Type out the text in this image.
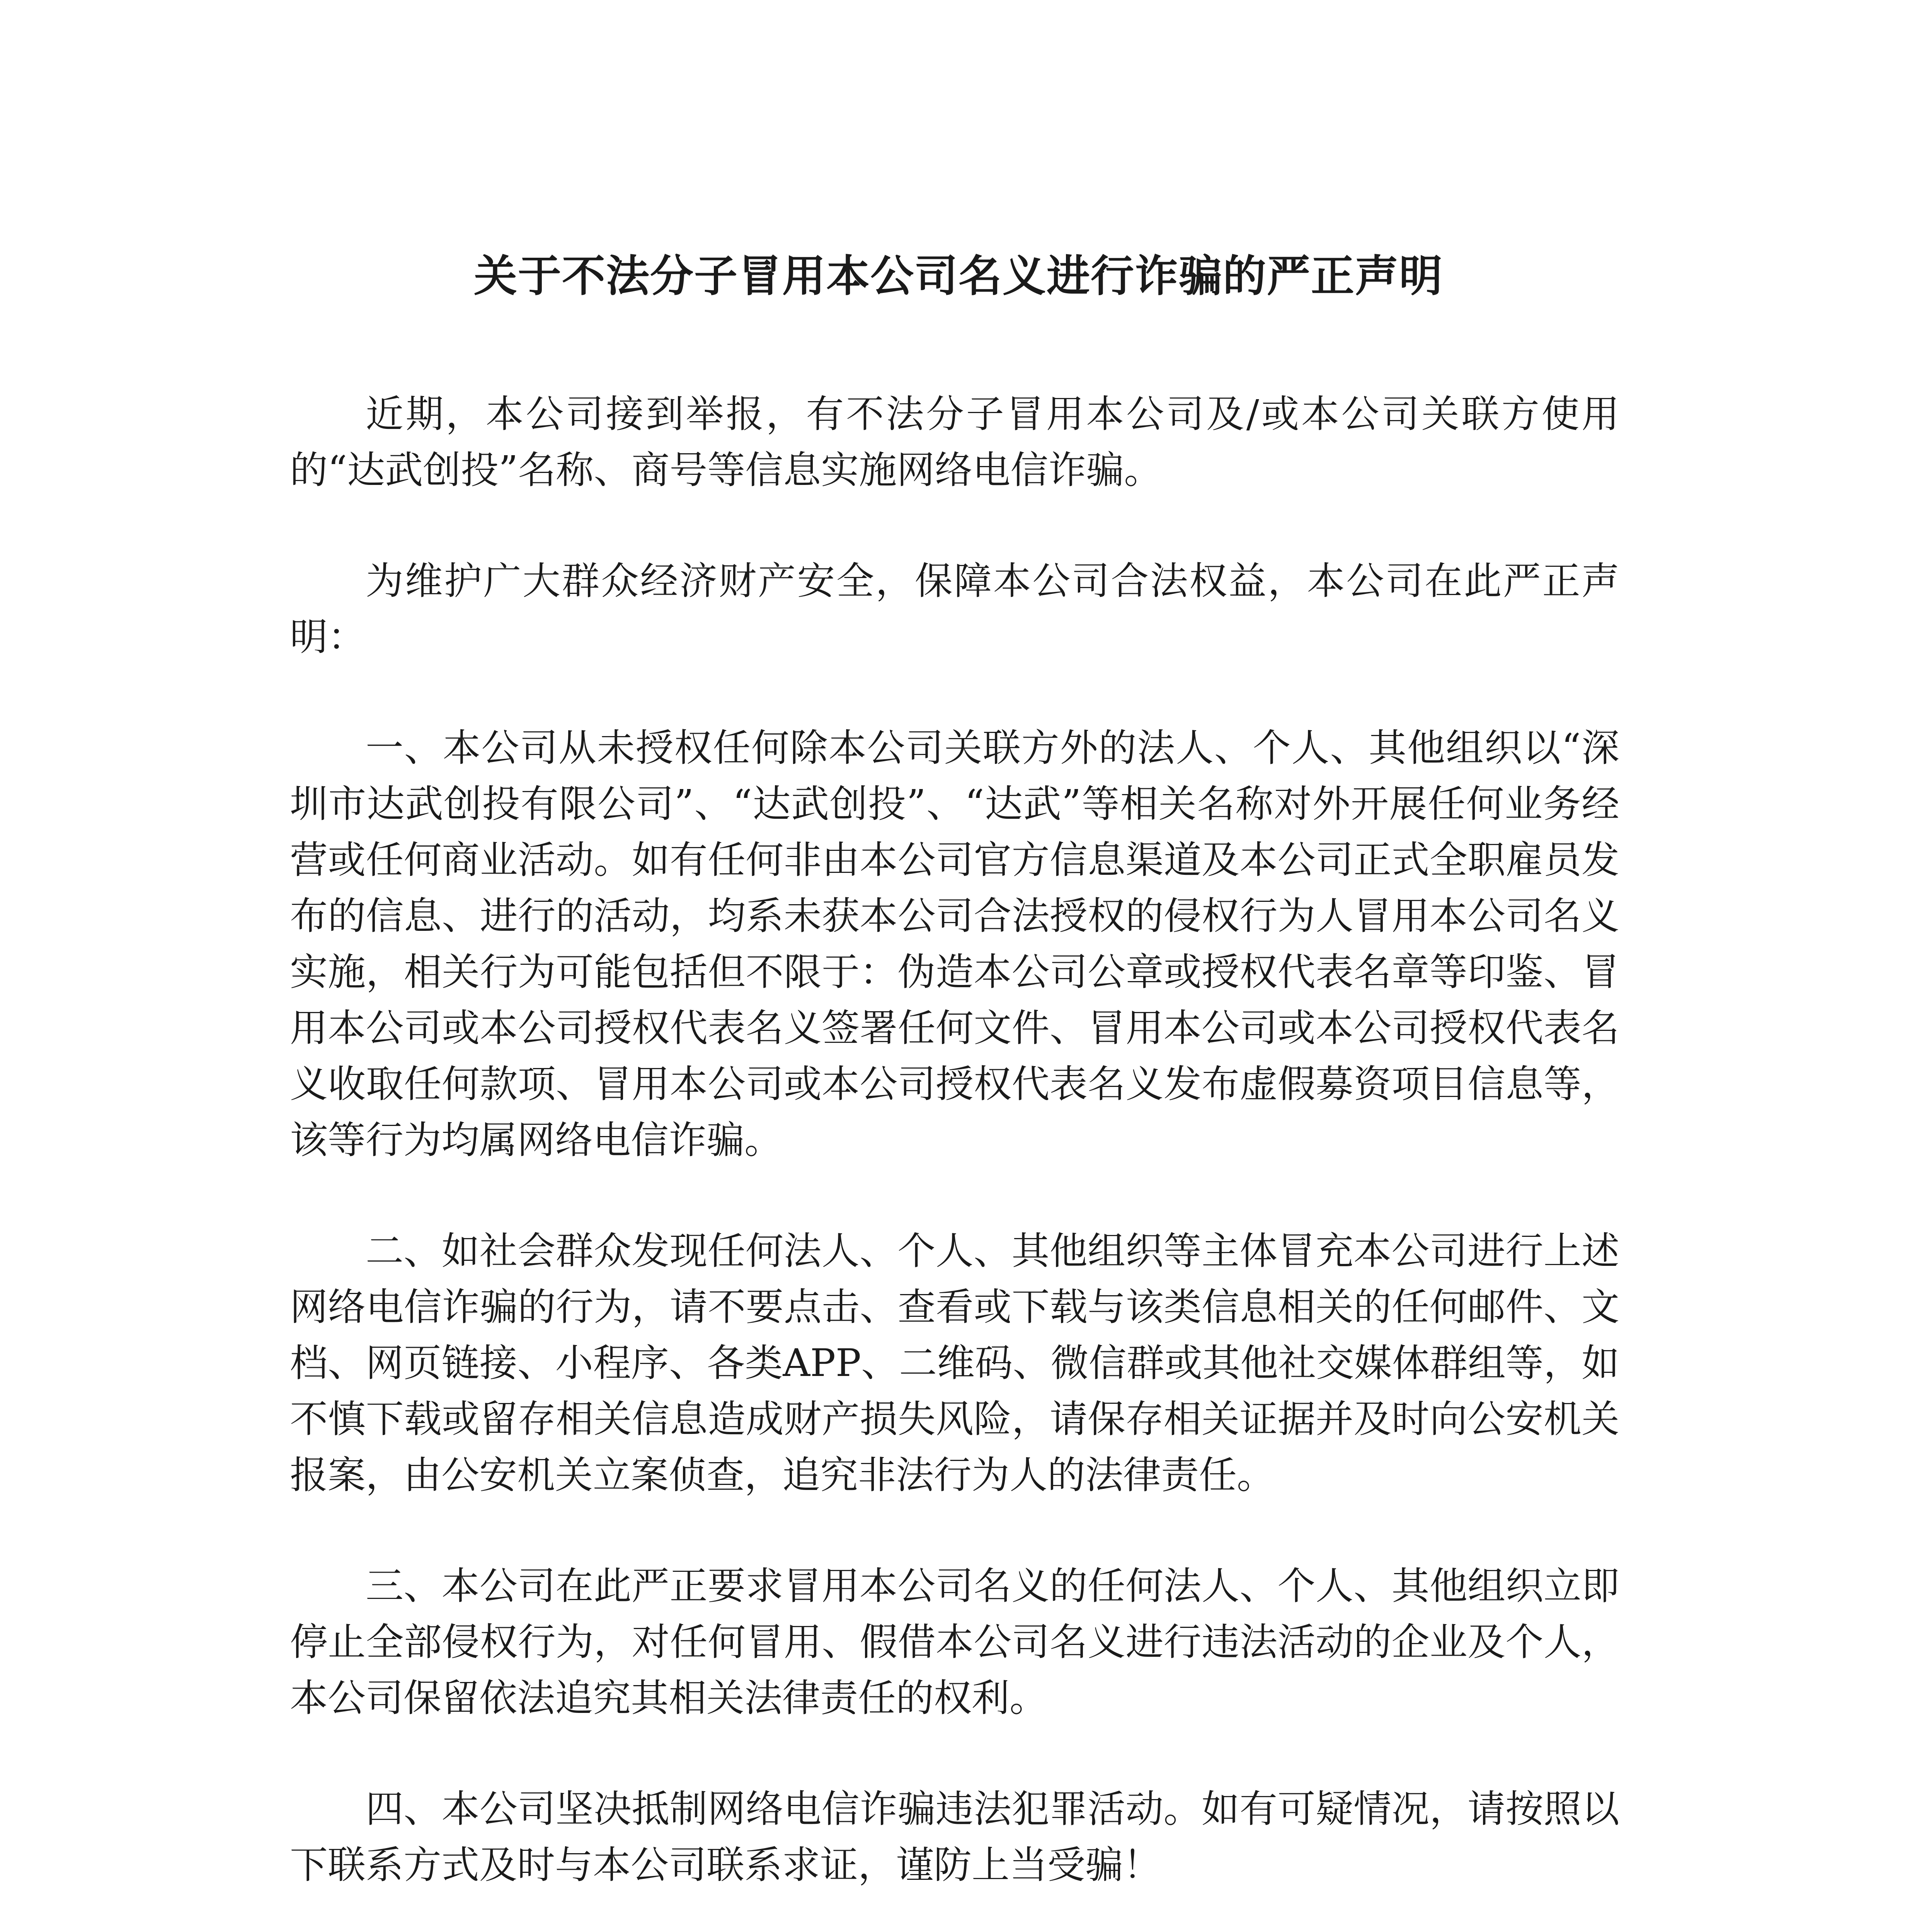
关于不法分子冒用本公司名义进行诈骗的严正声明

近期，本公司接到举报，有不法分子冒用本公司及/或本公司关联方使用的“达武创投”名称、商号等信息实施网络电信诈骗。

为维护广大群众经济财产安全，保障本公司合法权益，本公司在此严正声明：

一、本公司从未授权任何除本公司关联方外的法人、个人、其他组织以“深圳市达武创投有限公司”、“达武创投”、“达武”等相关名称对外开展任何业务经营或任何商业活动。如有任何非由本公司官方信息渠道及本公司正式全职雇员发布的信息、进行的活动，均系未获本公司合法授权的侵权行为人冒用本公司名义实施，相关行为可能包括但不限于：伪造本公司公章或授权代表名章等印鉴、冒用本公司或本公司授权代表名义签署任何文件、冒用本公司或本公司授权代表名义收取任何款项、冒用本公司或本公司授权代表名义发布虚假募资项目信息等，该等行为均属网络电信诈骗。

二、如社会群众发现任何法人、个人、其他组织等主体冒充本公司进行上述网络电信诈骗的行为，请不要点击、查看或下载与该类信息相关的任何邮件、文档、网页链接、小程序、各类APP、二维码、微信群或其他社交媒体群组等，如不慎下载或留存相关信息造成财产损失风险，请保存相关证据并及时向公安机关报案，由公安机关立案侦查，追究非法行为人的法律责任。

三、本公司在此严正要求冒用本公司名义的任何法人、个人、其他组织立即停止全部侵权行为，对任何冒用、假借本公司名义进行违法活动的企业及个人，本公司保留依法追究其相关法律责任的权利。

四、本公司坚决抵制网络电信诈骗违法犯罪活动。如有可疑情况，请按照以下联系方式及时与本公司联系求证，谨防上当受骗！
